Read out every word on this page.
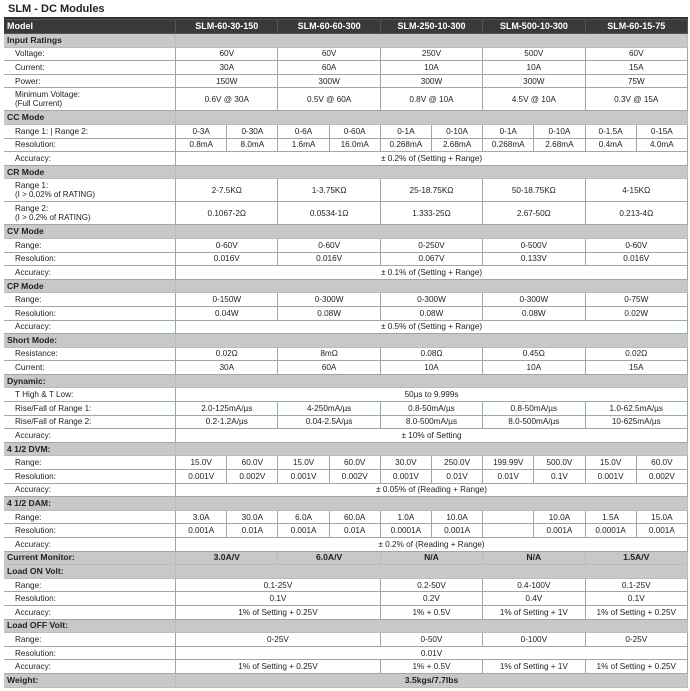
SLM - DC Modules
Model	SLM-60-30-150		SLM-60-60-300		SLM-250-10-300		SLM-500-10-300		SLM-60-15-75	
Input Ratings										
Voltage:	60V		60V		250V		500V		60V	
Current:	30A		60A		10A		10A		15A	
Power:	150W		300W		300W		300W		75W	
Minimum Voltage:
(Full Current)	0.6V @ 30A		0.5V @ 60A		0.8V @ 10A		4.5V @ 10A		0.3V @ 15A	
CC Mode										
Range 1: | Range 2:	0-3A	0-30A	0-6A	0-60A	0-1A	0-10A	0-1A	0-10A	0-1.5A	0-15A
Resolution:	0.8mA	8.0mA	1.6mA	16.0mA	0.268mA	2.68mA	0.268mA	2.68mA	0.4mA	4.0mA
Accuracy:	± 0.2% of (Setting + Range)									
CR Mode										
Range 1:
(I > 0.02% of RATING)	2-7.5KΩ		1-3.75KΩ		25-18.75KΩ		50-18.75KΩ		4-15KΩ	
Range 2:
(I > 0.2% of RATING)	0.1067-2Ω		0.0534-1Ω		1.333-25Ω		2.67-50Ω		0.213-4Ω	
CV Mode										
Range:	0-60V		0-60V		0-250V		0-500V		0-60V	
Resolution:	0.016V		0.016V		0.067V		0.133V		0.016V	
Accuracy:	± 0.1% of (Setting + Range)									
CP Mode										
Range:	0-150W		0-300W		0-300W		0-300W		0-75W	
Resolution:	0.04W		0.08W		0.08W		0.08W		0.02W	
Accuracy:	± 0.5% of (Setting + Range)									
Short Mode:										
Resistance:	0.02Ω		8mΩ		0.08Ω		0.45Ω		0.02Ω	
Current:	30A		60A		10A		10A		15A	
Dynamic:										
T High & T Low:	50µs to 9.999s									
Rise/Fall of Range 1:	2.0-125mA/µs		4-250mA/µs		0.8-50mA/µs		0.8-50mA/µs		1.0-62.5mA/µs	
Rise/Fall of Range 2:	0.2-1.2A/µs		0.04-2.5A/µs		8.0-500mA/µs		8.0-500mA/µs		10-625mA/µs	
Accuracy:	± 10% of Setting									
4 1/2 DVM:										
Range:	15.0V	60.0V	15.0V	60.0V	30.0V	250.0V	199.99V	500.0V	15.0V	60.0V
Resolution:	0.001V	0.002V	0.001V	0.002V	0.001V	0.01V	0.01V	0.1V	0.001V	0.002V
Accuracy:	± 0.05% of (Reading + Range)									
4 1/2 DAM:										
Range:	3.0A	30.0A	6.0A	60.0A	1.0A	10.0A		10.0A	1.5A	15.0A
Resolution:	0.001A	0.01A	0.001A	0.01A	0.0001A	0.001A		0.001A	0.0001A	0.001A
Accuracy:	± 0.2% of (Reading + Range)									
Current Monitor:	3.0A/V		6.0A/V		N/A		N/A		1.5A/V	
Load ON Volt:										
Range:	0.1-25V				0.2-50V		0.4-100V		0.1-25V	
Resolution:	0.1V				0.2V		0.4V		0.1V	
Accuracy:	1% of Setting + 0.25V				1% + 0.5V		1% of Setting + 1V		1% of Setting + 0.25V	
Load OFF Volt:										
Range:	0-25V				0-50V		0-100V		0-25V	
Resolution:	0.01V									
Accuracy:	1% of Setting + 0.25V				1% + 0.5V		1% of Setting + 1V		1% of Setting + 0.25V	
Weight:	3.5kgs/7.7lbs									
